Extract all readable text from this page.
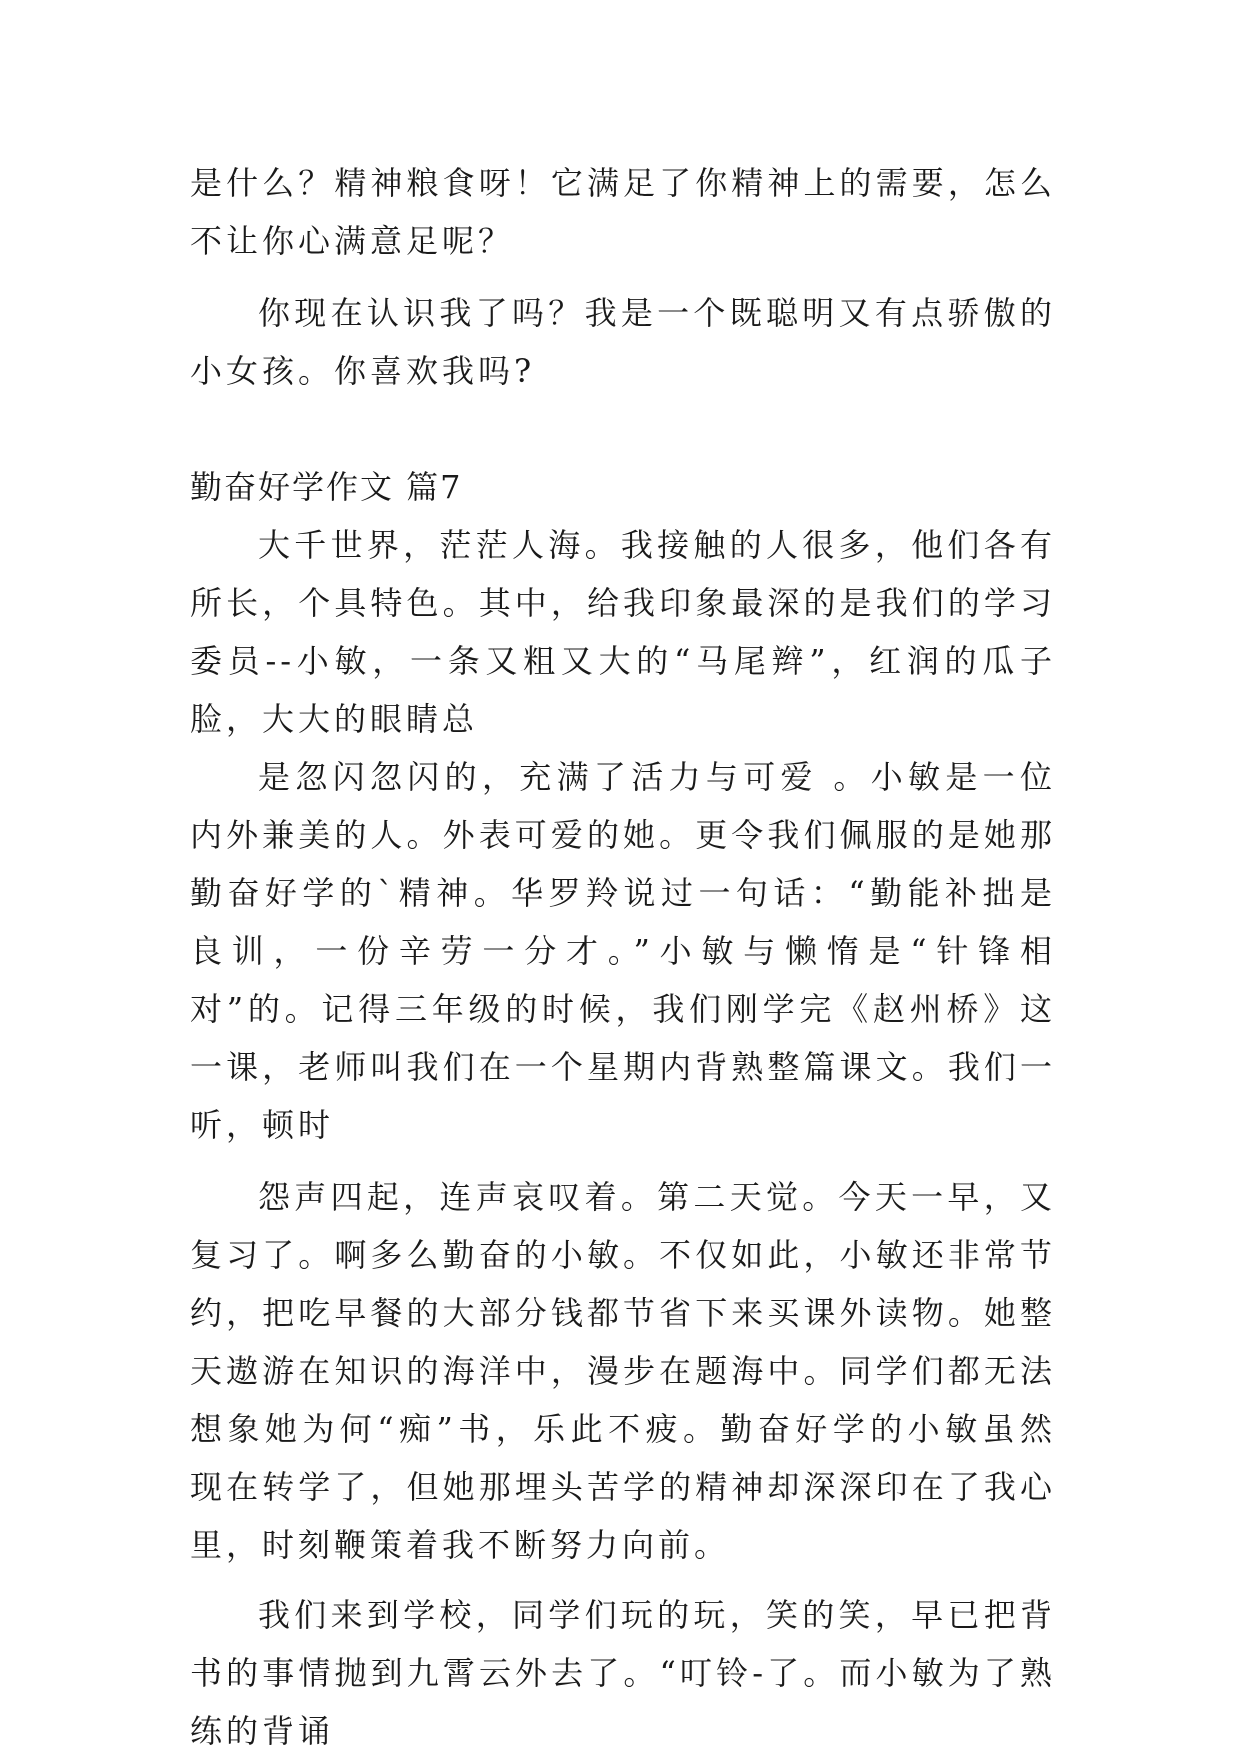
是什么？精神粮食呀！它满足了你精神上的需要，怎么不让你心满意足呢？

你现在认识我了吗？我是一个既聪明又有点骄傲的小女孩。你喜欢我吗?

勤奋好学作文 篇7

大千世界，茫茫人海。我接触的人很多，他们各有所长，个具特色。其中，给我印象最深的是我们的学习委员--小敏，一条又粗又大的“马尾辫”，红润的瓜子脸，大大的眼睛总

是忽闪忽闪的，充满了活力与可爱 。小敏是一位内外兼美的人。外表可爱的她。更令我们佩服的是她那勤奋好学的`精神。华罗羚说过一句话：“勤能补拙是良训，一份辛劳一分才。”小敏与懒惰是“针锋相对”的。记得三年级的时候，我们刚学完《赵州桥》这一课，老师叫我们在一个星期内背熟整篇课文。我们一听，顿时

怨声四起，连声哀叹着。第二天觉。今天一早，又复习了。啊多么勤奋的小敏。不仅如此，小敏还非常节约，把吃早餐的大部分钱都节省下来买课外读物。她整天遨游在知识的海洋中，漫步在题海中。同学们都无法想象她为何“痴”书，乐此不疲。勤奋好学的小敏虽然现在转学了，但她那埋头苦学的精神却深深印在了我心里，时刻鞭策着我不断努力向前。

我们来到学校，同学们玩的玩，笑的笑，早已把背书的事情抛到九霄云外去了。“叮铃-了。而小敏为了熟练的背诵
